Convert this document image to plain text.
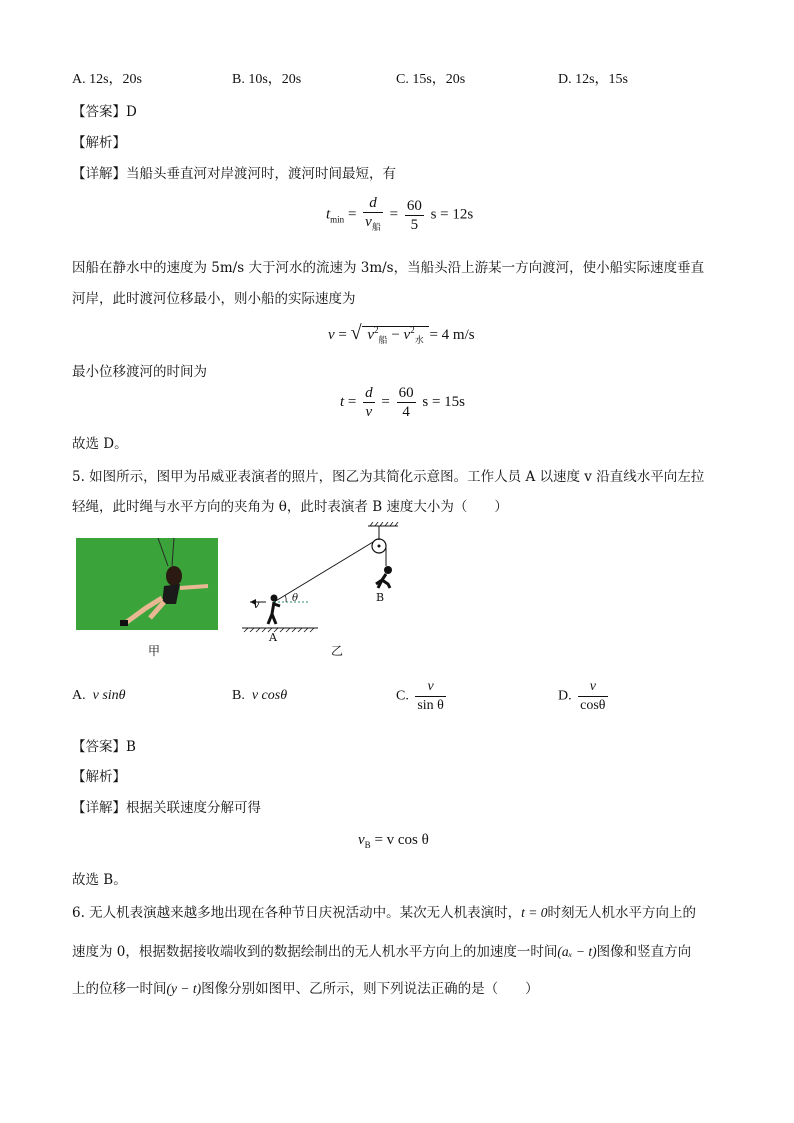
A. 12s，20s	B. 10s，20s	C. 15s，20s	D. 12s，15s
【答案】D
【解析】
【详解】当船头垂直河对岸渡河时，渡河时间最短，有
$t_{min} = \frac{d}{v_船} = \frac{60}{5}$ s = 12s
因船在静水中的速度为 5m/s 大于河水的流速为 3m/s，当船头沿上游某一方向渡河，使小船实际速度垂直
河岸，此时渡河位移最小，则小船的实际速度为
v = √ $v^2_船 - v^2_水 = 4$ m/s
最小位移渡河的时间为
$t = \frac{d}{v} = \frac{60}{4}$ s = 15s
故选 D。
5. 如图所示，图甲为吊威亚表演者的照片，图乙为其简化示意图。工作人员 A 以速度 v 沿直线水平向左拉
轻绳，此时绳与水平方向的夹角为 θ，此时表演者 B 速度大小为（　　）
甲
v	θ	B
A
乙
A. v sinθ	B. v cosθ	C. $\frac{v}{\text{sin θ}}$	D. $\frac{v}{\cos\theta}$
【答案】B
【解析】
【详解】根据关联速度分解可得
$v_B = v$ cos θ
故选 B。
6. 无人机表演越来越多地出现在各种节日庆祝活动中。某次无人机表演时，t = 0时刻无人机水平方向上的
速度为 0，根据数据接收端收到的数据绘制出的无人机水平方向上的加速度一时间(aₓ − t)图像和竖直方向
上的位移一时间(y − t)图像分别如图甲、乙所示，则下列说法正确的是（　　）
